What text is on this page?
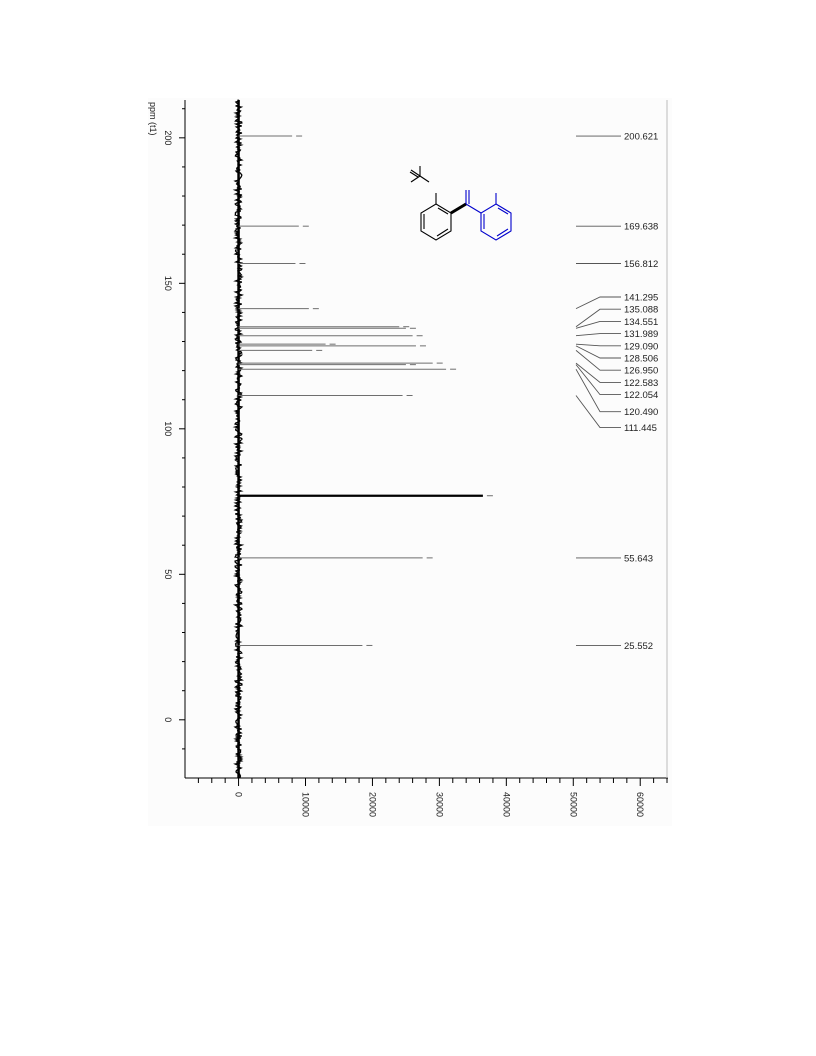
ppm (t1)
200
150
100
50
0
0	10000	20000	30000	40000	50000	60000
200.621
169.638
156.812
141.295
135.088
134.551
131.989
129.090
128.506
126.950
122.583
122.054
120.490
111.445
55.643
25.552
